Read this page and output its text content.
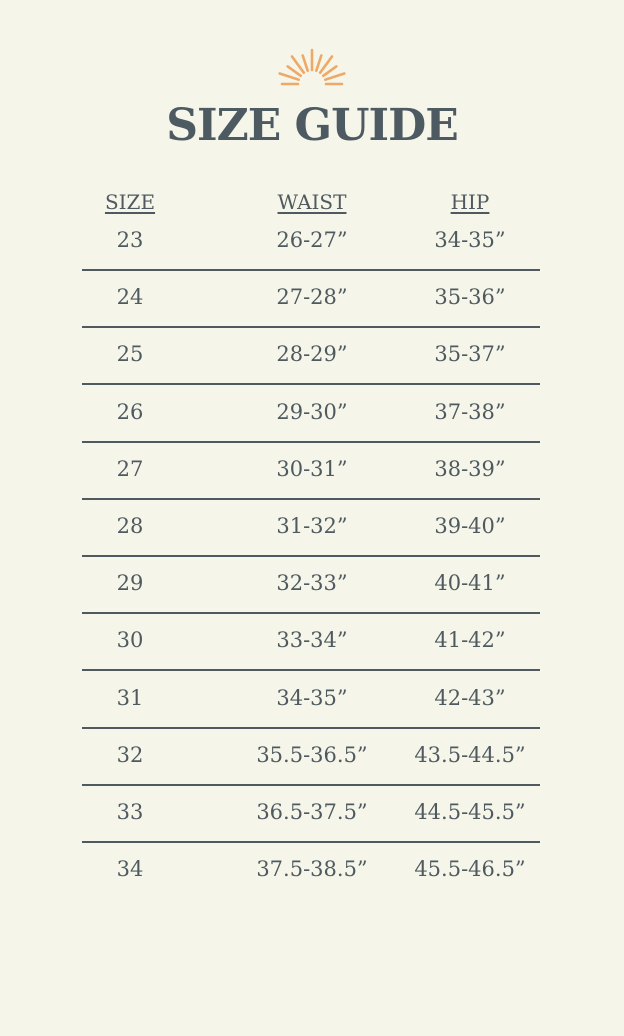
SIZE GUIDE
SIZE	WAIST	HIP
23	26-27”	34-35”
24	27-28”	35-36”
25	28-29”	35-37”
26	29-30”	37-38”
27	30-31”	38-39”
28	31-32”	39-40”
29	32-33”	40-41”
30	33-34”	41-42”
31	34-35”	42-43”
32	35.5-36.5” 43.5-44.5”
33	36.5-37.5” 44.5-45.5”
34	37.5-38.5” 45.5-46.5”
